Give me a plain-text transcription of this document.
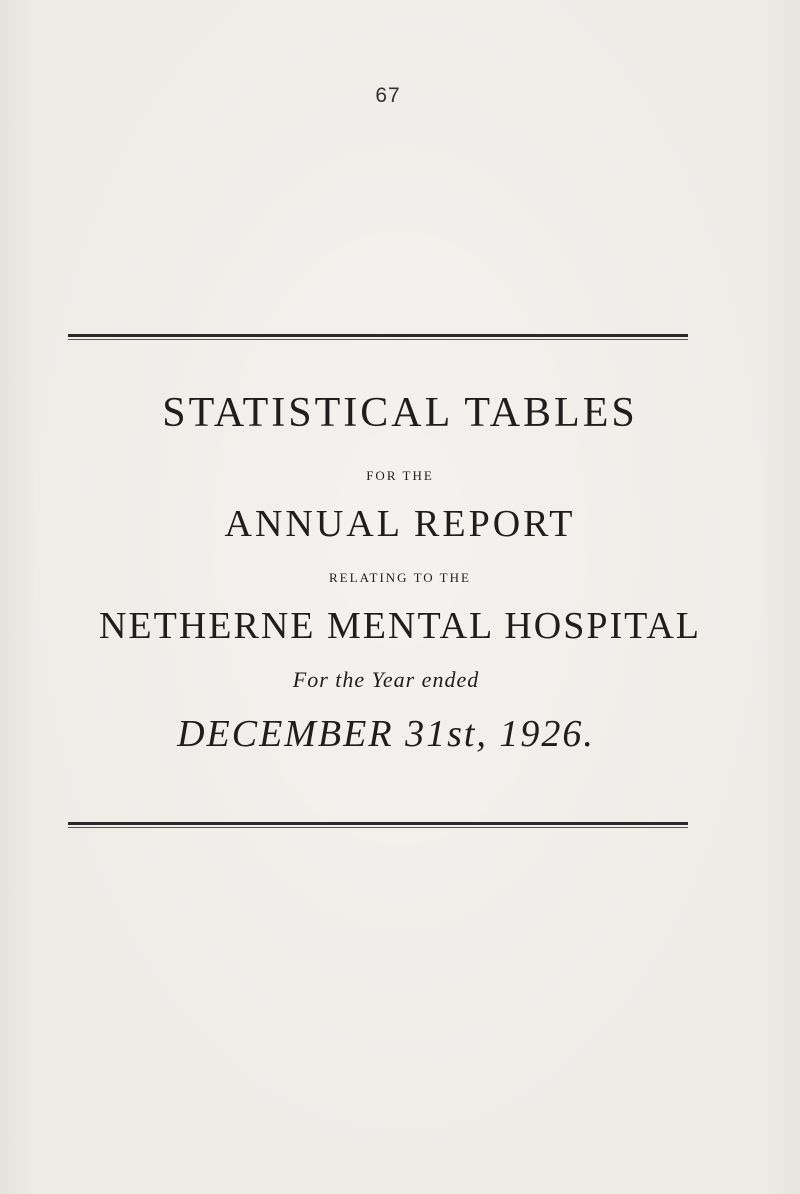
67
STATISTICAL TABLES
FOR THE
ANNUAL REPORT
RELATING TO THE
NETHERNE MENTAL HOSPITAL
For the Year ended
DECEMBER 31st, 1926.
